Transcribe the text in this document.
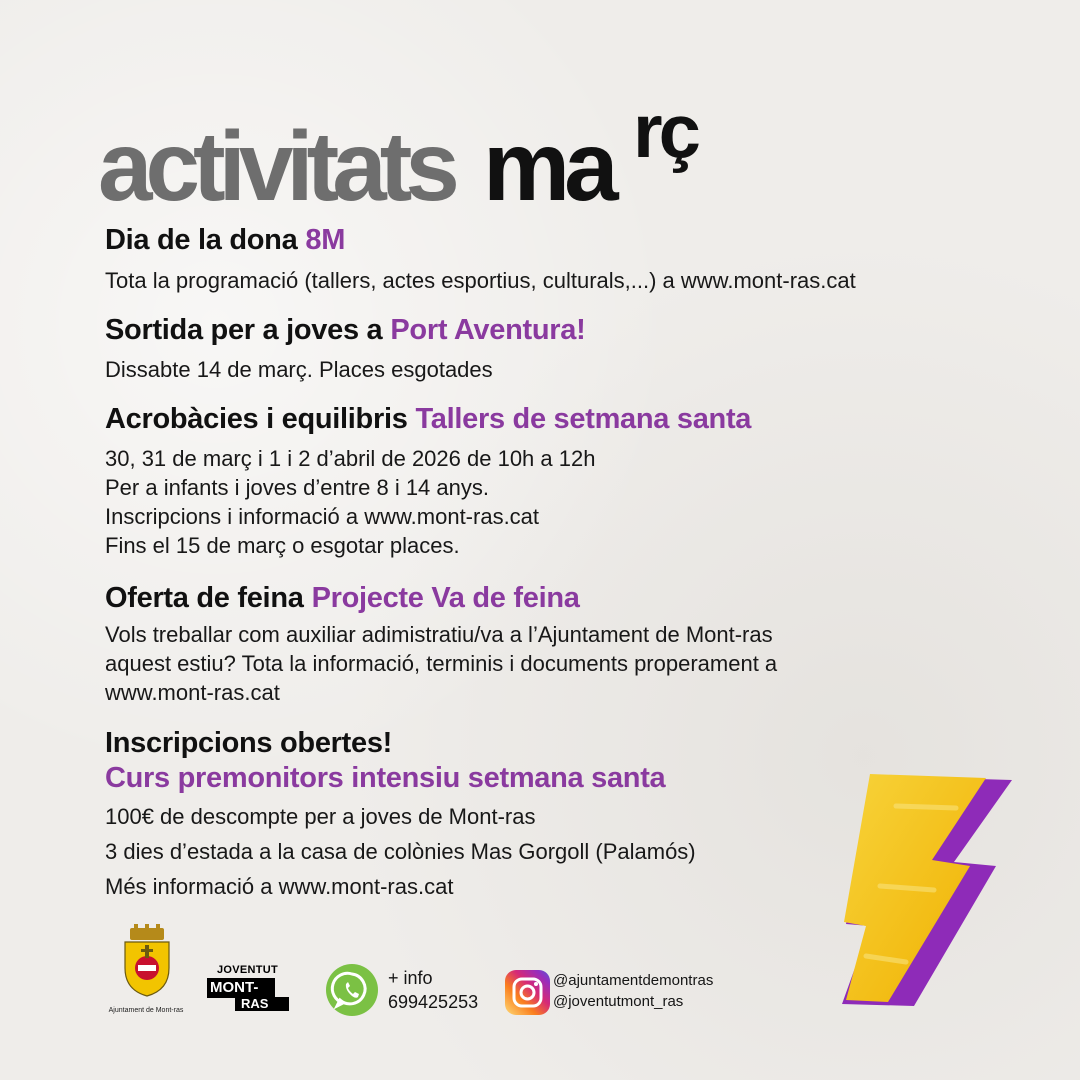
activitats ma rç
Dia de la dona 8M
Tota la programació (tallers, actes esportius, culturals,...) a www.mont-ras.cat
Sortida per a joves a Port Aventura!
Dissabte 14 de març. Places esgotades
Acrobàcies i equilibris Tallers de setmana santa
30, 31 de març i 1 i 2 d’abril de 2026 de 10h a 12h
Per a infants i joves d’entre 8 i 14 anys.
Inscripcions i informació a www.mont-ras.cat
Fins el 15 de març o esgotar places.
Oferta de feina Projecte Va de feina
Vols treballar com auxiliar adimistratiu/va a l’Ajuntament de Mont-ras
aquest estiu? Tota la informació, terminis i documents properament a
www.mont-ras.cat
Inscripcions obertes!
Curs premonitors intensiu setmana santa
100€ de descompte per a joves de Mont-ras
3 dies d’estada a la casa de colònies Mas Gorgoll (Palamós)
Més informació a www.mont-ras.cat
Ajuntament de Mont-ras
JOVENTUT
MONT-
RAS
+ info
699425253
@ajuntamentdemontras
@joventutmont_ras
